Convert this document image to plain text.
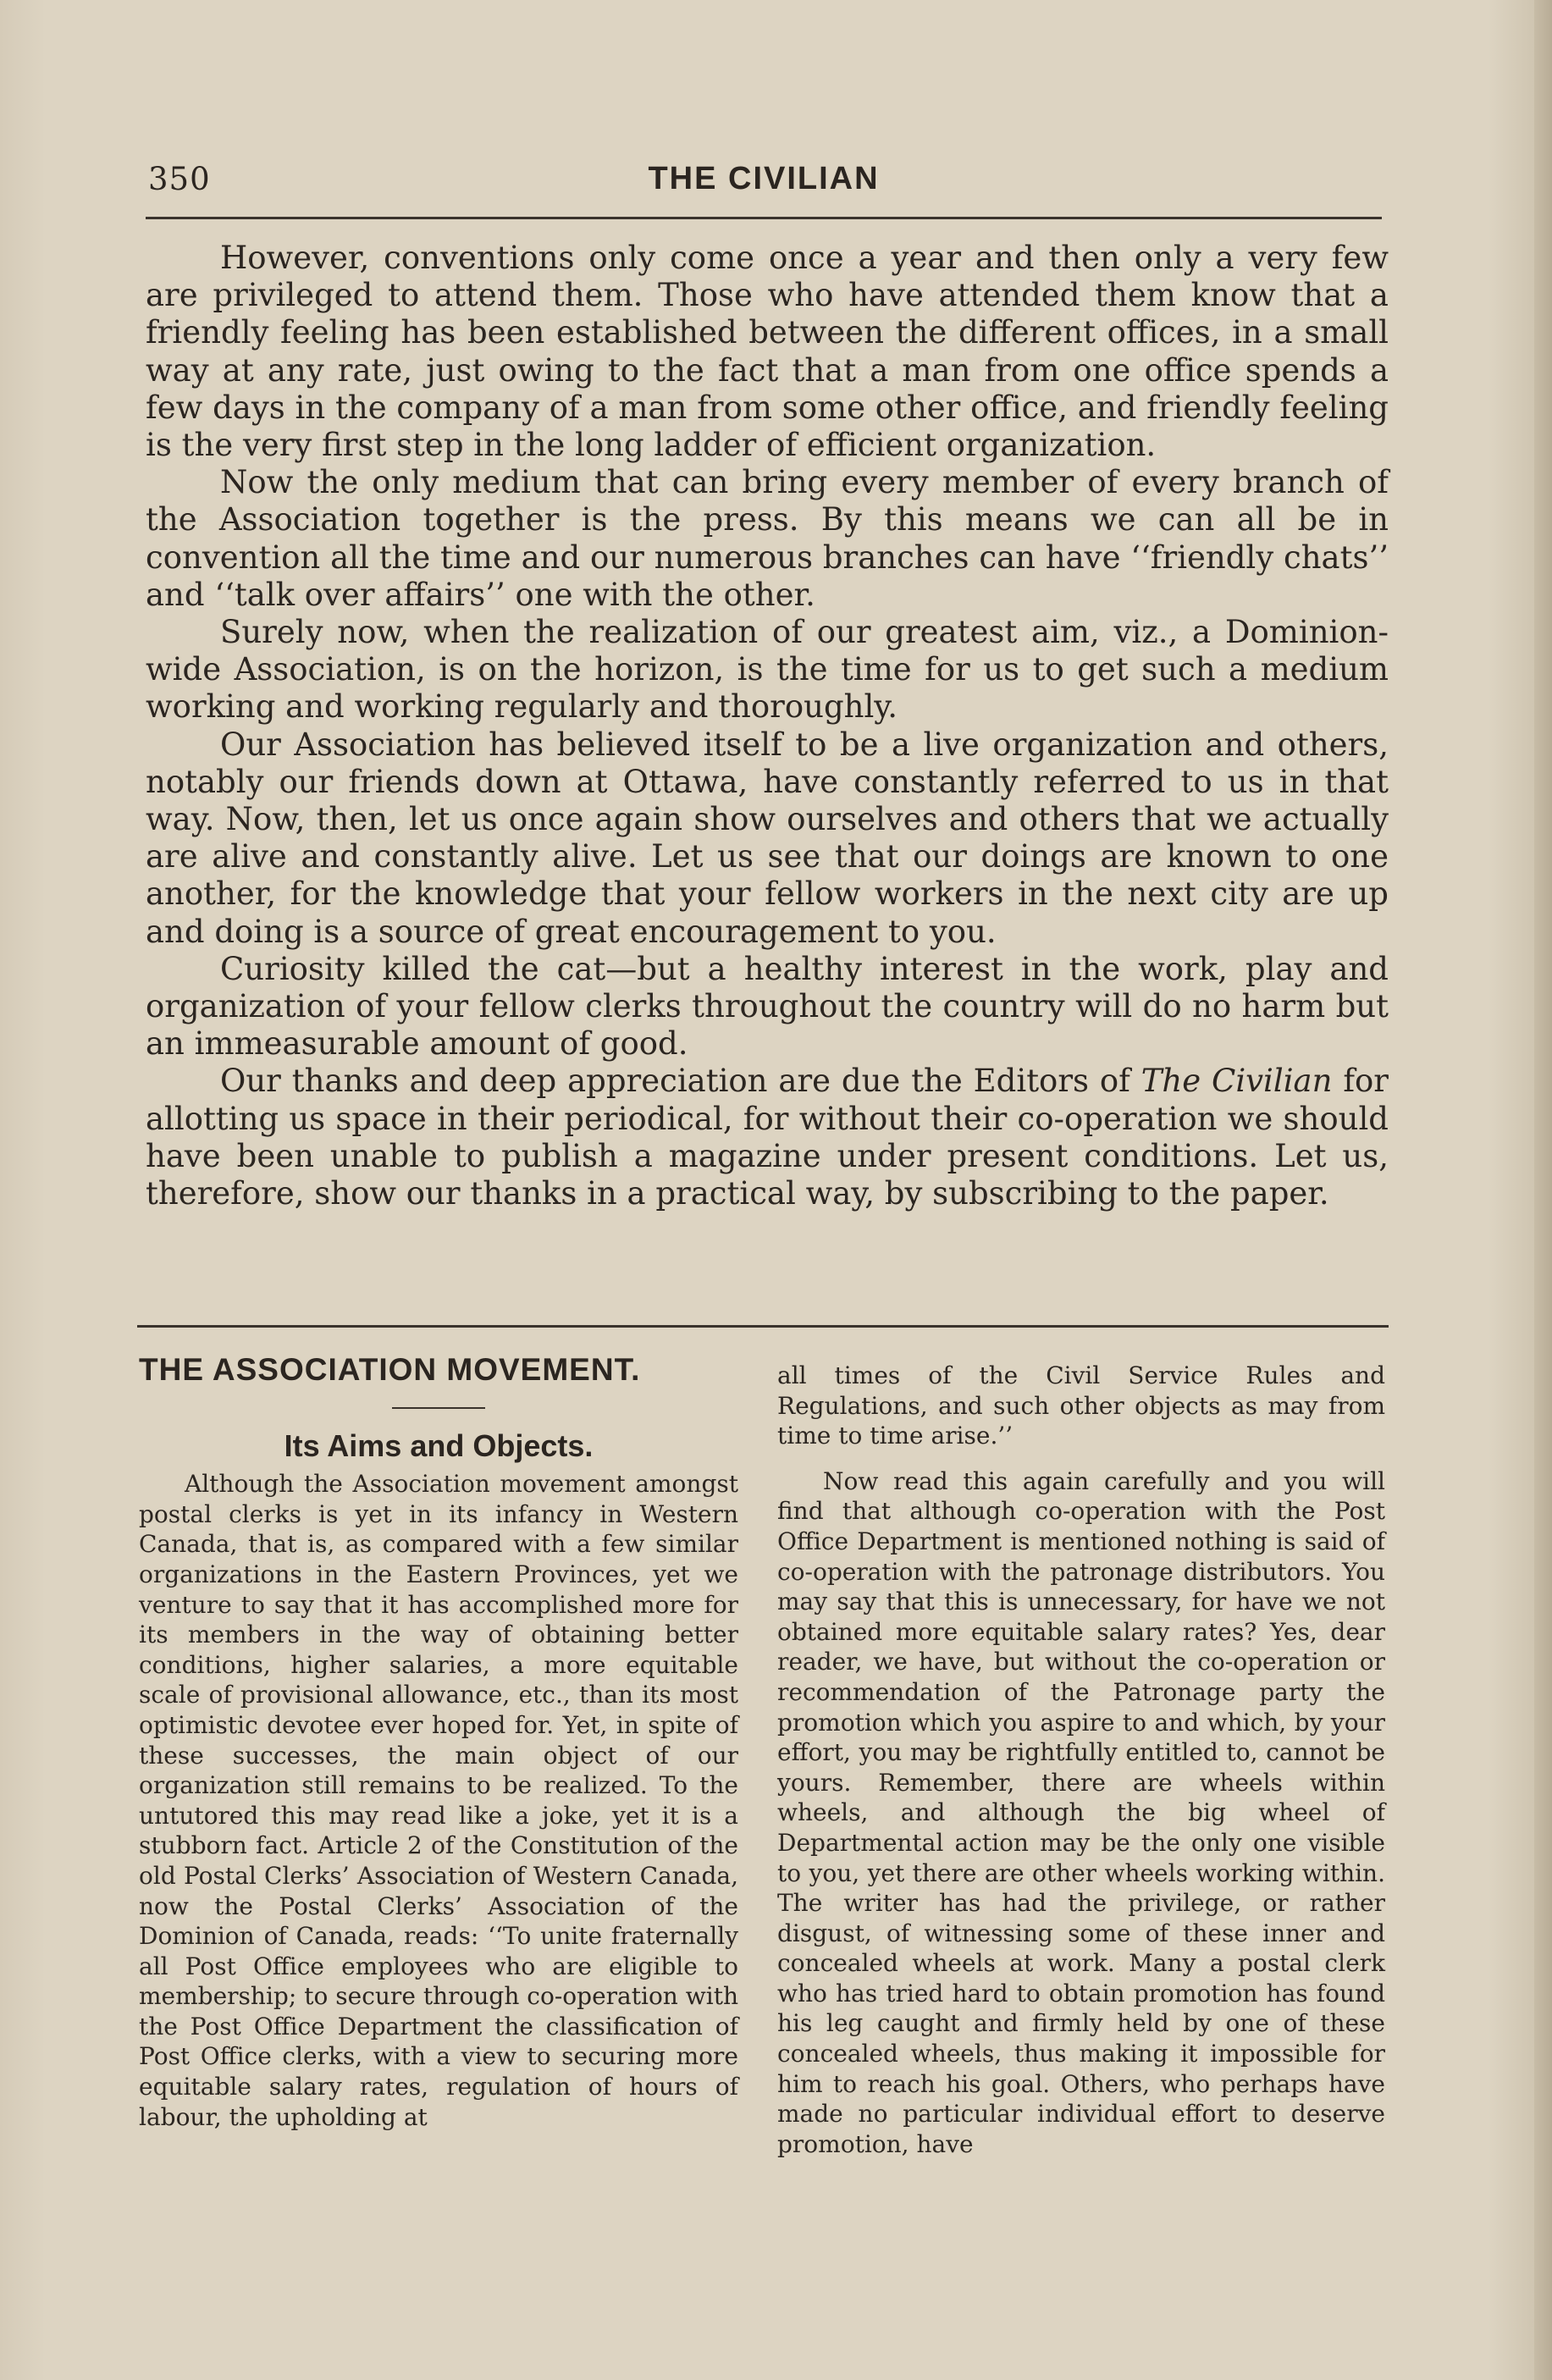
350	THE CIVILIAN

However, conventions only come once a year and then only a very few are privileged to attend them. Those who have attended them know that a friendly feeling has been established between the different offices, in a small way at any rate, just owing to the fact that a man from one office spends a few days in the company of a man from some other office, and friendly feeling is the very first step in the long ladder of efficient organization.

Now the only medium that can bring every member of every branch of the Association together is the press. By this means we can all be in convention all the time and our numerous branches can have ‘‘friendly chats’’ and ‘‘talk over affairs’’ one with the other.

Surely now, when the realization of our greatest aim, viz., a Dominion-wide Association, is on the horizon, is the time for us to get such a medium working and working regularly and thoroughly.

Our Association has believed itself to be a live organization and others, notably our friends down at Ottawa, have constantly referred to us in that way. Now, then, let us once again show ourselves and others that we actually are alive and constantly alive. Let us see that our doings are known to one another, for the knowledge that your fellow workers in the next city are up and doing is a source of great encouragement to you.

Curiosity killed the cat—but a healthy interest in the work, play and organization of your fellow clerks throughout the country will do no harm but an immeasurable amount of good.

Our thanks and deep appreciation are due the Editors of The Civilian for allotting us space in their periodical, for without their co-operation we should have been unable to publish a magazine under present conditions. Let us, therefore, show our thanks in a practical way, by subscribing to the paper.

THE ASSOCIATION MOVEMENT.
Its Aims and Objects.

Although the Association movement amongst postal clerks is yet in its infancy in Western Canada, that is, as compared with a few similar organizations in the Eastern Provinces, yet we venture to say that it has accomplished more for its members in the way of obtaining better conditions, higher salaries, a more equitable scale of provisional allowance, etc., than its most optimistic devotee ever hoped for. Yet, in spite of these successes, the main object of our organization still remains to be realized. To the untutored this may read like a joke, yet it is a stubborn fact. Article 2 of the Constitution of the old Postal Clerks’ Association of Western Canada, now the Postal Clerks’ Association of the Dominion of Canada, reads: ‘‘To unite fraternally all Post Office employees who are eligible to membership; to secure through co-operation with the Post Office Department the classification of Post Office clerks, with a view to securing more equitable salary rates, regulation of hours of labour, the upholding at

all times of the Civil Service Rules and Regulations, and such other objects as may from time to time arise.’’

Now read this again carefully and you will find that although co-operation with the Post Office Department is mentioned nothing is said of co-operation with the patronage distributors. You may say that this is unnecessary, for have we not obtained more equitable salary rates? Yes, dear reader, we have, but without the co-operation or recommendation of the Patronage party the promotion which you aspire to and which, by your effort, you may be rightfully entitled to, cannot be yours. Remember, there are wheels within wheels, and although the big wheel of Departmental action may be the only one visible to you, yet there are other wheels working within. The writer has had the privilege, or rather disgust, of witnessing some of these inner and concealed wheels at work. Many a postal clerk who has tried hard to obtain promotion has found his leg caught and firmly held by one of these concealed wheels, thus making it impossible for him to reach his goal. Others, who perhaps have made no particular individual effort to deserve promotion, have
